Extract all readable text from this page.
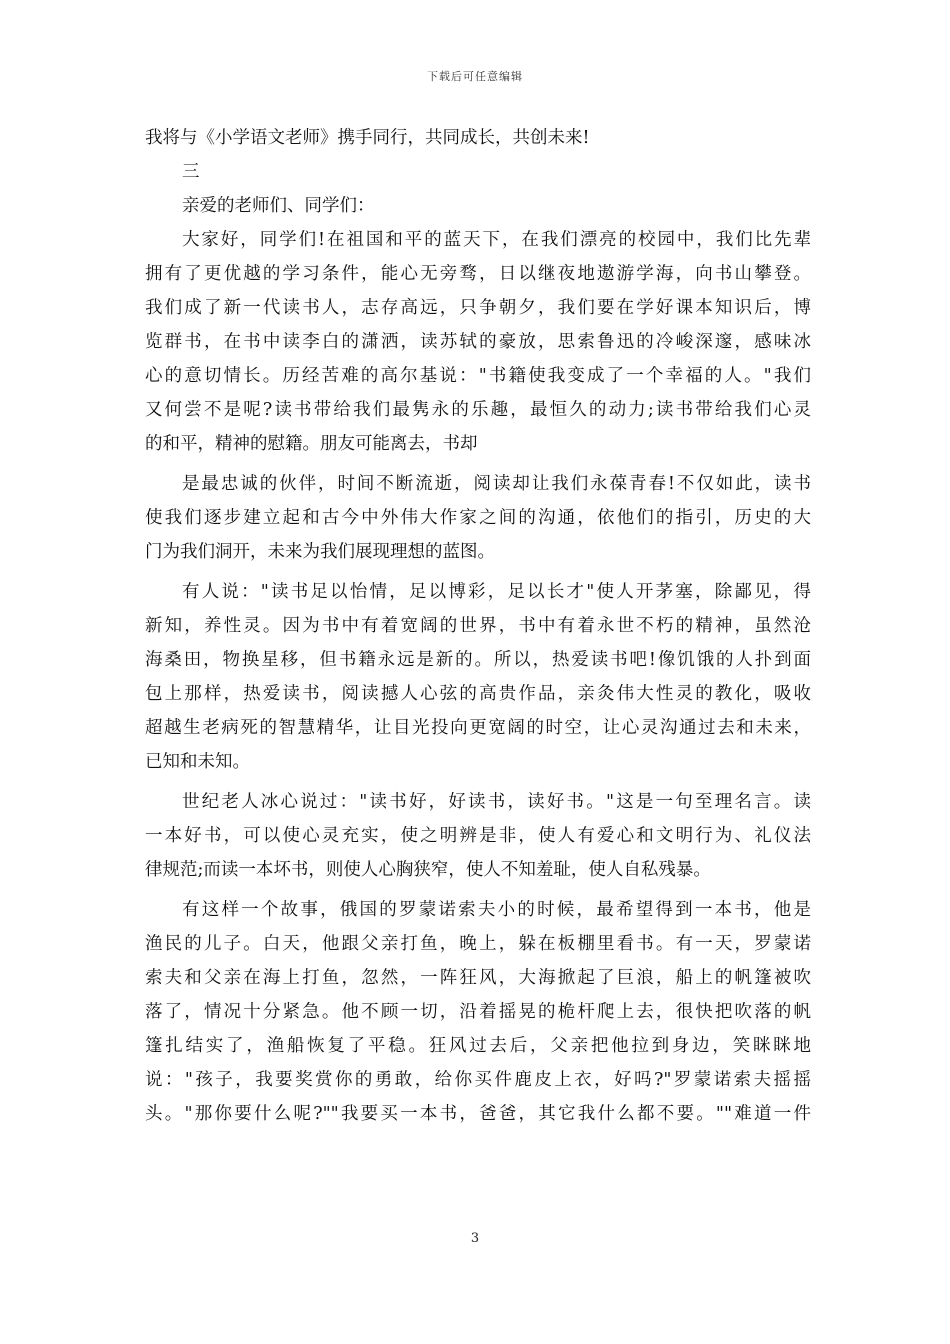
下载后可任意编辑
我将与《小学语文老师》携手同行，共同成长，共创未来!
三
亲爱的老师们、同学们：
大家好，同学们!在祖国和平的蓝天下，在我们漂亮的校园中，我们比先辈
拥有了更优越的学习条件，能心无旁骛，日以继夜地遨游学海，向书山攀登。
我们成了新一代读书人，志存高远，只争朝夕，我们要在学好课本知识后，博
览群书，在书中读李白的潇洒，读苏轼的豪放，思索鲁迅的冷峻深邃，感味冰
心的意切情长。历经苦难的高尔基说："书籍使我变成了一个幸福的人。"我们
又何尝不是呢?读书带给我们最隽永的乐趣，最恒久的动力;读书带给我们心灵
的和平，精神的慰籍。朋友可能离去，书却
是最忠诚的伙伴，时间不断流逝，阅读却让我们永葆青春!不仅如此，读书
使我们逐步建立起和古今中外伟大作家之间的沟通，依他们的指引，历史的大
门为我们洞开，未来为我们展现理想的蓝图。
有人说："读书足以怡情，足以博彩，足以长才"使人开茅塞，除鄙见，得
新知，养性灵。因为书中有着宽阔的世界，书中有着永世不朽的精神，虽然沧
海桑田，物换星移，但书籍永远是新的。所以，热爱读书吧!像饥饿的人扑到面
包上那样，热爱读书，阅读撼人心弦的高贵作品，亲灸伟大性灵的教化，吸收
超越生老病死的智慧精华，让目光投向更宽阔的时空，让心灵沟通过去和未来，
已知和未知。
世纪老人冰心说过："读书好，好读书，读好书。"这是一句至理名言。读
一本好书，可以使心灵充实，使之明辨是非，使人有爱心和文明行为、礼仪法
律规范;而读一本坏书，则使人心胸狭窄，使人不知羞耻，使人自私残暴。
有这样一个故事，俄国的罗蒙诺索夫小的时候，最希望得到一本书，他是
渔民的儿子。白天，他跟父亲打鱼，晚上，躲在板棚里看书。有一天，罗蒙诺
索夫和父亲在海上打鱼，忽然，一阵狂风，大海掀起了巨浪，船上的帆篷被吹
落了，情况十分紧急。他不顾一切，沿着摇晃的桅杆爬上去，很快把吹落的帆
篷扎结实了，渔船恢复了平稳。狂风过去后，父亲把他拉到身边，笑眯眯地
说："孩子，我要奖赏你的勇敢，给你买件鹿皮上衣，好吗?"罗蒙诺索夫摇摇
头。"那你要什么呢?""我要买一本书，爸爸，其它我什么都不要。""难道一件
3
